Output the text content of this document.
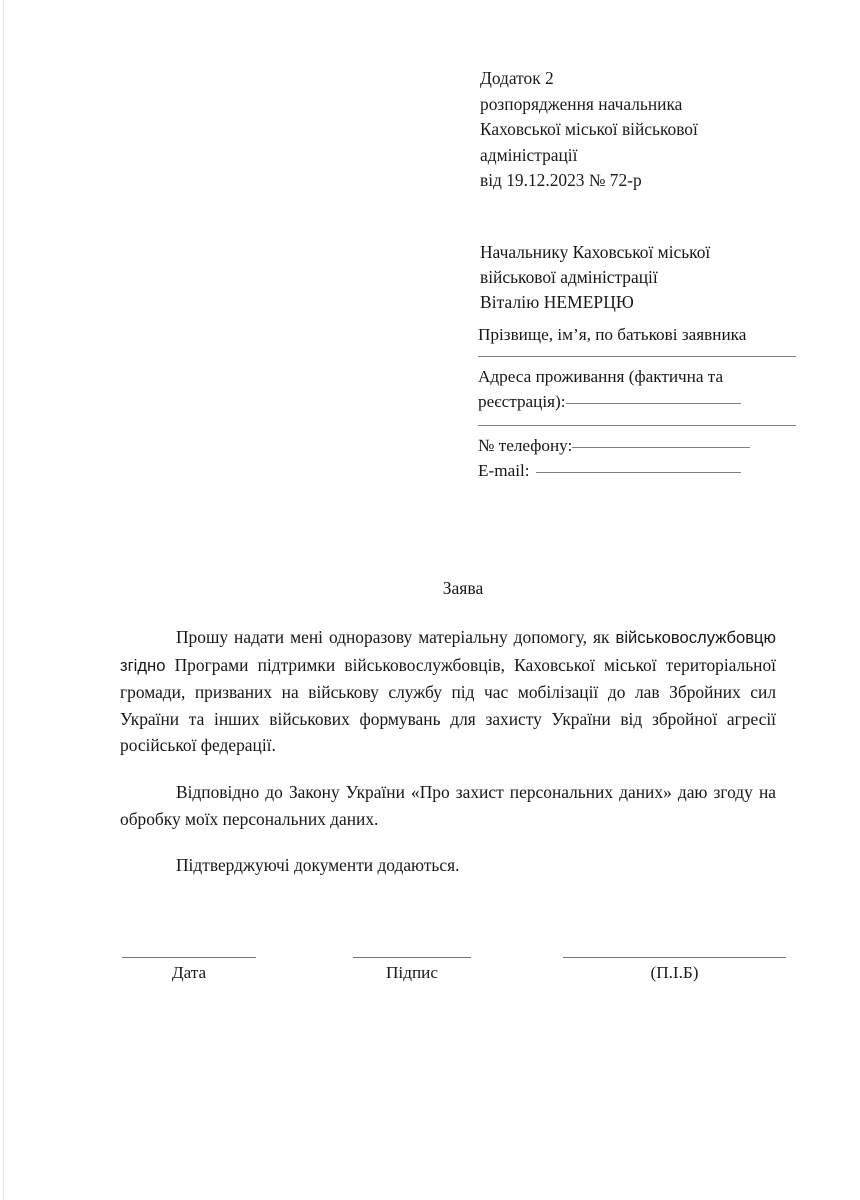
Додаток 2
розпорядження начальника
Каховської міської військової
адміністрації
від 19.12.2023 № 72-р
Начальнику Каховської міської
військової адміністрації
Віталію НЕМЕРЦЮ
Прізвище, ім’я, по батькові заявника
Адреса проживання (фактична та
реєстрація):
№ телефону:
E-mail:
Заява

Прошу надати мені одноразову матеріальну допомогу, як військовослужбовцю згідно Програми підтримки військовослужбовців, Каховської міської територіальної громади, призваних на військову службу під час мобілізації до лав Збройних сил України та інших військових формувань для захисту України від збройної агресії російської федерації.

Відповідно до Закону України «Про захист персональних даних» даю згоду на обробку моїх персональних даних.

Підтверджуючі документи додаються.

Дата	Підпис	(П.І.Б)
